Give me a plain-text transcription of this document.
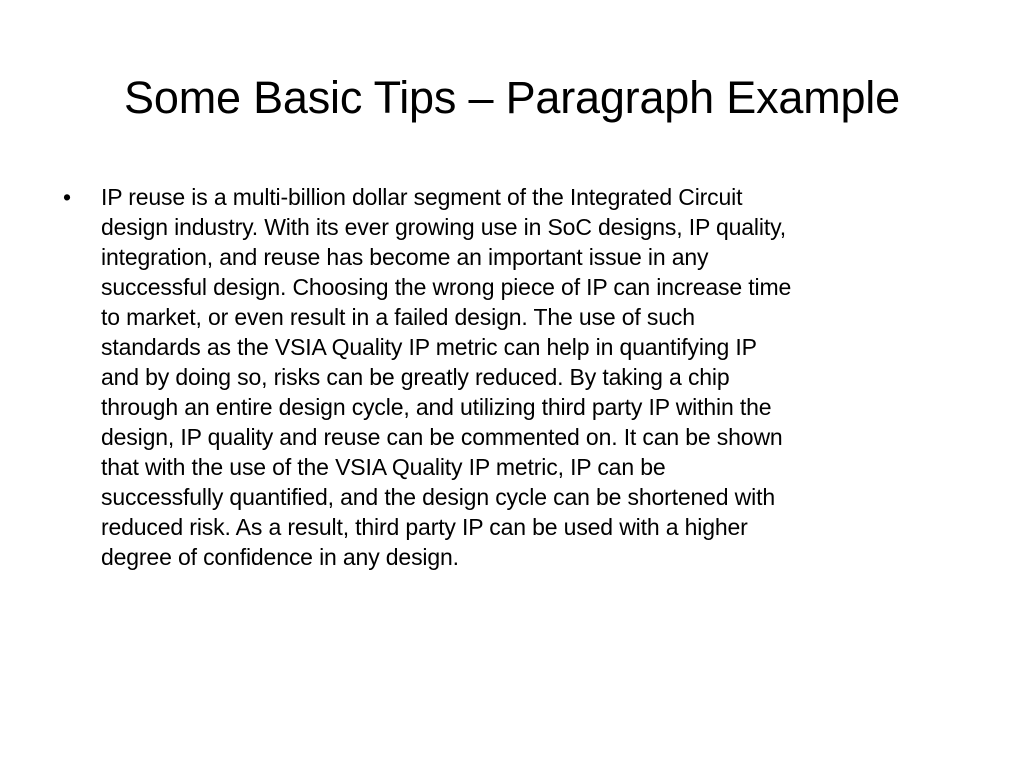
Some Basic Tips – Paragraph Example
•	IP reuse is a multi-billion dollar segment of the Integrated Circuit
design industry. With its ever growing use in SoC designs, IP quality,
integration, and reuse has become an important issue in any
successful design. Choosing the wrong piece of IP can increase time
to market, or even result in a failed design. The use of such
standards as the VSIA Quality IP metric can help in quantifying IP
and by doing so, risks can be greatly reduced. By taking a chip
through an entire design cycle, and utilizing third party IP within the
design, IP quality and reuse can be commented on. It can be shown
that with the use of the VSIA Quality IP metric, IP can be
successfully quantified, and the design cycle can be shortened with
reduced risk. As a result, third party IP can be used with a higher
degree of confidence in any design.
